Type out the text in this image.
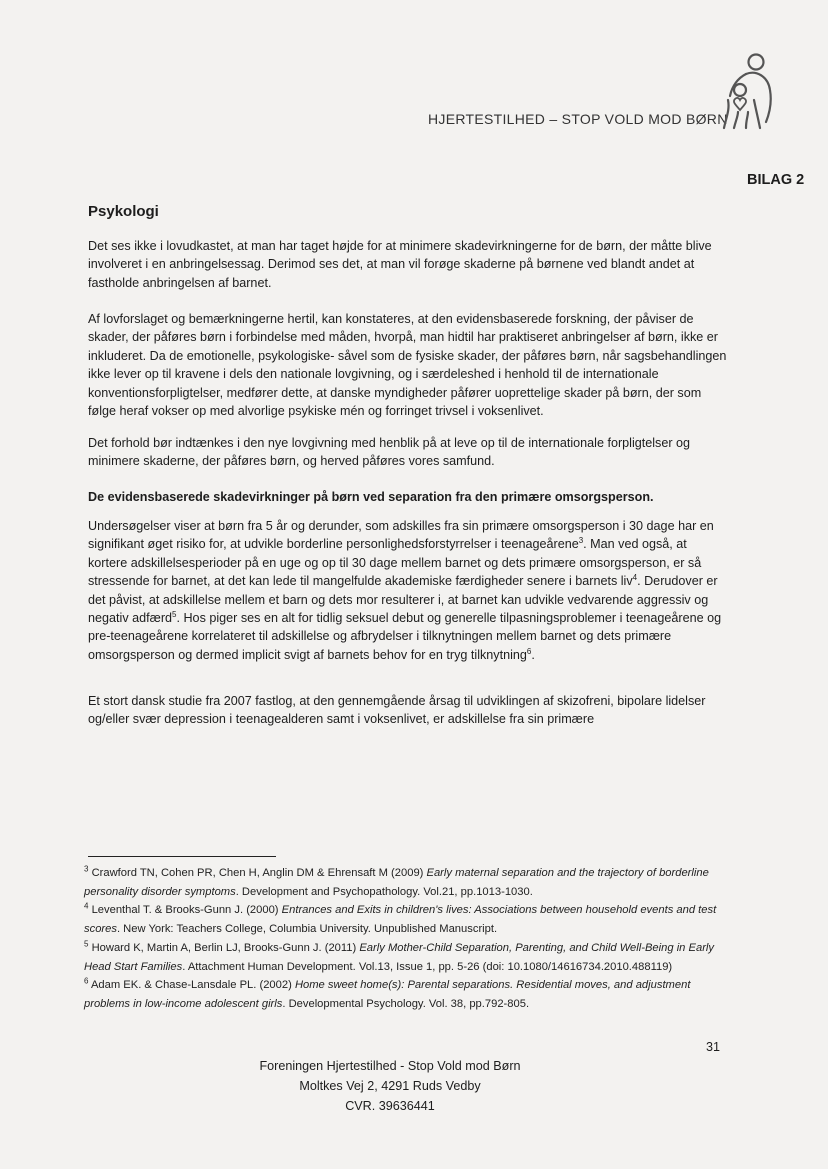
HJERTESTILHED – STOP VOLD MOD BØRN
BILAG 2
Psykologi

Det ses ikke i lovudkastet, at man har taget højde for at minimere skadevirkningerne for de børn, der måtte blive involveret i en anbringelsessag. Derimod ses det, at man vil forøge skaderne på børnene ved blandt andet at fastholde anbringelsen af barnet.

Af lovforslaget og bemærkningerne hertil, kan konstateres, at den evidensbaserede forskning, der påviser de skader, der påføres børn i forbindelse med måden, hvorpå, man hidtil har praktiseret anbringelser af børn, ikke er inkluderet. Da de emotionelle, psykologiske- såvel som de fysiske skader, der påføres børn, når sagsbehandlingen ikke lever op til kravene i dels den nationale lovgivning, og i særdeleshed i henhold til de internationale konventionsforpligtelser, medfører dette, at danske myndigheder påfører uoprettelige skader på børn, der som følge heraf vokser op med alvorlige psykiske mén og forringet trivsel i voksenlivet.

Det forhold bør indtænkes i den nye lovgivning med henblik på at leve op til de internationale forpligtelser og minimere skaderne, der påføres børn, og herved påføres vores samfund.

De evidensbaserede skadevirkninger på børn ved separation fra den primære omsorgsperson.

Undersøgelser viser at børn fra 5 år og derunder, som adskilles fra sin primære omsorgsperson i 30 dage har en signifikant øget risiko for, at udvikle borderline personlighedsforstyrrelser i teenageårene$^3$. Man ved også, at kortere adskillelsesperioder på en uge og op til 30 dage mellem barnet og dets primære omsorgsperson, er så stressende for barnet, at det kan lede til mangelfulde akademiske færdigheder senere i barnets liv$^4$. Derudover er det påvist, at adskillelse mellem et barn og dets mor resulterer i, at barnet kan udvikle vedvarende aggressiv og negativ adfærd$^5$. Hos piger ses en alt for tidlig seksuel debut og generelle tilpasningsproblemer i teenageårene og pre-teenageårene korrelateret til adskillelse og afbrydelser i tilknytningen mellem barnet og dets primære omsorgsperson og dermed implicit svigt af barnets behov for en tryg tilknytning$^6$.

Et stort dansk studie fra 2007 fastlog, at den gennemgående årsag til udviklingen af skizofreni, bipolare lidelser og/eller svær depression i teenagealderen samt i voksenlivet, er adskillelse fra sin primære

$^3$ Crawford TN, Cohen PR, Chen H, Anglin DM & Ehrensaft M (2009) Early maternal separation and the trajectory of borderline personality disorder symptoms. Development and Psychopathology. Vol.21, pp.1013-1030.

$^4$ Leventhal T. & Brooks-Gunn J. (2000) Entrances and Exits in children's lives: Associations between household events and test scores. New York: Teachers College, Columbia University. Unpublished Manuscript.

$^5$ Howard K, Martin A, Berlin LJ, Brooks-Gunn J. (2011) Early Mother-Child Separation, Parenting, and Child Well-Being in Early Head Start Families. Attachment Human Development. Vol.13, Issue 1, pp. 5-26 (doi: 10.1080/14616734.2010.488119)

$^6$ Adam EK. & Chase-Lansdale PL. (2002) Home sweet home(s): Parental separations. Residential moves, and adjustment problems in low-income adolescent girls. Developmental Psychology. Vol. 38, pp.792-805.

31
Foreningen Hjertestilhed - Stop Vold mod Børn
Moltkes Vej 2, 4291 Ruds Vedby
CVR. 39636441
